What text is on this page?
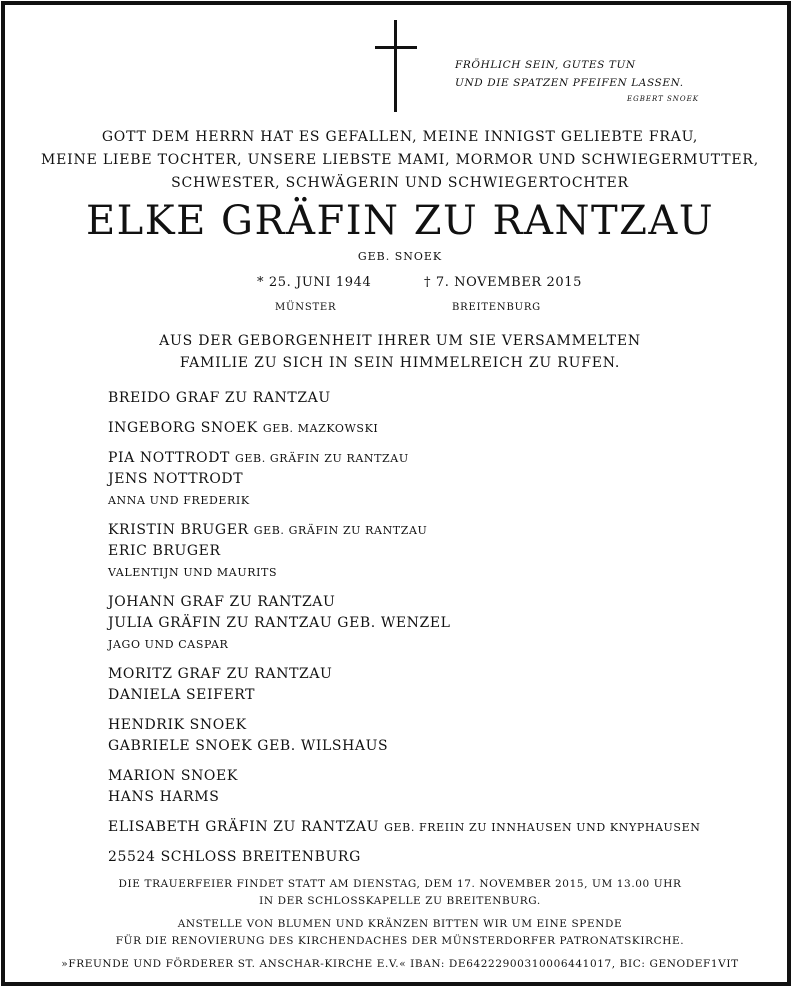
FRÖHLICH SEIN, GUTES TUN
UND DIE SPATZEN PFEIFEN LASSEN.
EGBERT SNOEK
GOTT DEM HERRN HAT ES GEFALLEN, MEINE INNIGST GELIEBTE FRAU,
MEINE LIEBE TOCHTER, UNSERE LIEBSTE MAMI, MORMOR UND SCHWIEGERMUTTER,
SCHWESTER, SCHWÄGERIN UND SCHWIEGERTOCHTER
ELKE GRÄFIN ZU RANTZAU
GEB. SNOEK
* 25. JUNI 1944	† 7. NOVEMBER 2015
MÜNSTER	BREITENBURG
AUS DER GEBORGENHEIT IHRER UM SIE VERSAMMELTEN
FAMILIE ZU SICH IN SEIN HIMMELREICH ZU RUFEN.
BREIDO GRAF ZU RANTZAU
INGEBORG SNOEK GEB. MAZKOWSKI
PIA NOTTRODT GEB. GRÄFIN ZU RANTZAU
JENS NOTTRODT
ANNA UND FREDERIK
KRISTIN BRUGER GEB. GRÄFIN ZU RANTZAU
ERIC BRUGER
VALENTIJN UND MAURITS
JOHANN GRAF ZU RANTZAU
JULIA GRÄFIN ZU RANTZAU GEB. WENZEL
JAGO UND CASPAR
MORITZ GRAF ZU RANTZAU
DANIELA SEIFERT
HENDRIK SNOEK
GABRIELE SNOEK GEB. WILSHAUS
MARION SNOEK
HANS HARMS
ELISABETH GRÄFIN ZU RANTZAU GEB. FREIIN ZU INNHAUSEN UND KNYPHAUSEN
25524 SCHLOSS BREITENBURG
DIE TRAUERFEIER FINDET STATT AM DIENSTAG, DEM 17. NOVEMBER 2015, UM 13.00 UHR
IN DER SCHLOSSKAPELLE ZU BREITENBURG.
ANSTELLE VON BLUMEN UND KRÄNZEN BITTEN WIR UM EINE SPENDE
FÜR DIE RENOVIERUNG DES KIRCHENDACHES DER MÜNSTERDORFER PATRONATSKIRCHE.
»FREUNDE UND FÖRDERER ST. ANSCHAR-KIRCHE E.V.« IBAN: DE64222900310006441017, BIC: GENODEF1VIT
